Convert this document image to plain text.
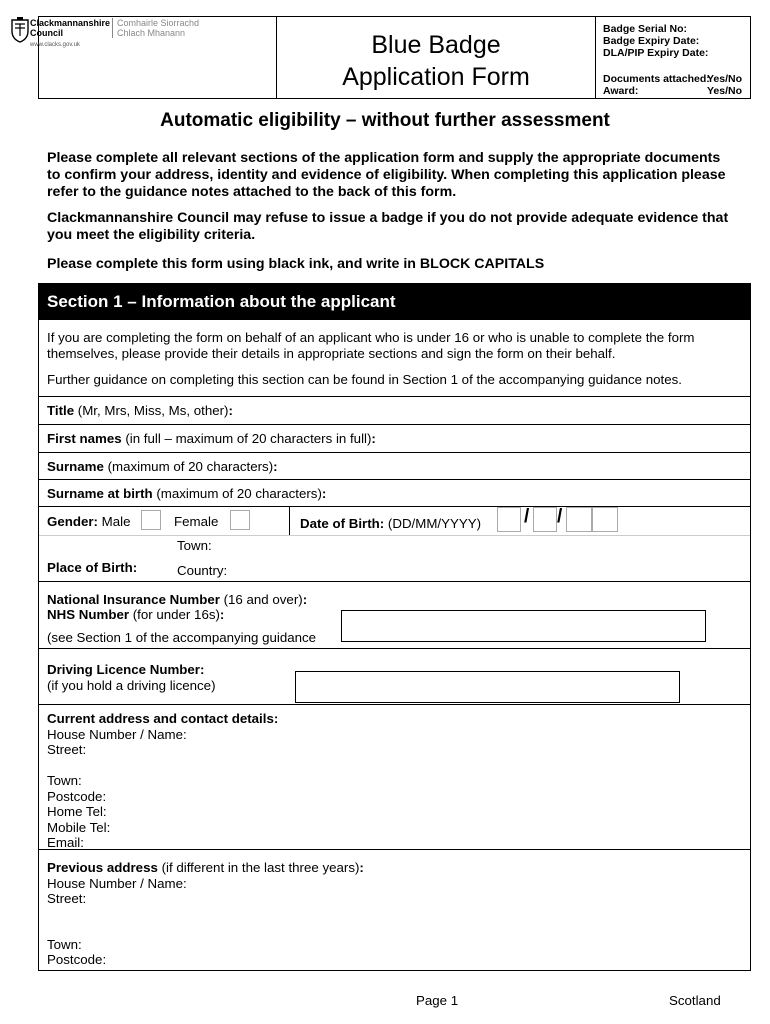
Clackmannanshire
Council
Comhairle Siorrachd
Chlach Mhanann
www.clacks.gov.uk	Blue Badge
Application Form
Badge Serial No:
Badge Expiry Date:
DLA/PIP Expiry Date:
Documents attached:
Yes/No
Award:	Yes/No
Automatic eligibility – without further assessment
Please complete all relevant sections of the application form and supply the appropriate documents to confirm your address, identity and evidence of eligibility. When completing this application please refer to the guidance notes attached to the back of this form.
Clackmannanshire Council may refuse to issue a badge if you do not provide adequate evidence that you meet the eligibility criteria.
Please complete this form using black ink, and write in BLOCK CAPITALS
Section 1 – Information about the applicant
If you are completing the form on behalf of an applicant who is under 16 or who is unable to complete the form themselves, please provide their details in appropriate sections and sign the form on their behalf.
Further guidance on completing this section can be found in Section 1 of the accompanying guidance notes.
Title (Mr, Mrs, Miss, Ms, other):
First names (in full – maximum of 20 characters in full):
Surname (maximum of 20 characters):
Surname at birth (maximum of 20 characters):
Gender: Male	Female	Date of Birth: (DD/MM/YYYY) / /
Place of Birth:
Town:
Country:
National Insurance Number (16 and over):
NHS Number (for under 16s):
(see Section 1 of the accompanying guidance
Driving Licence Number:
(if you hold a driving licence)
Current address and contact details:
House Number / Name:
Street:
Town:
Postcode:
Home Tel:
Mobile Tel:
Email:
Previous address (if different in the last three years):
House Number / Name:
Street:
Town:
Postcode:
Page 1	Scotland
